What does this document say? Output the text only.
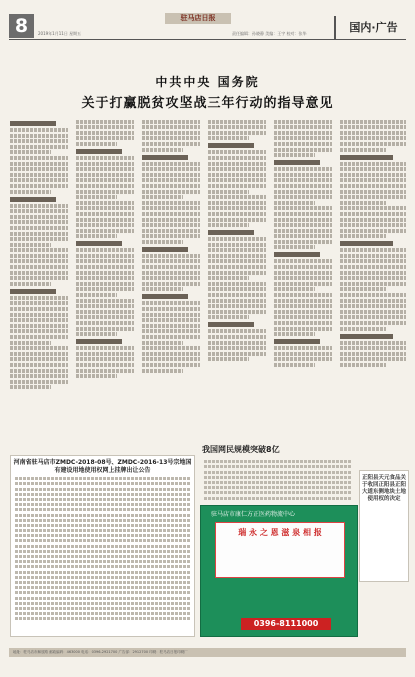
8	驻马店日报
2019年1月11日 星期五	责任编辑：孙晓静 美编：王宇 校对：张华	国内·广告
中共中央 国务院
关于打赢脱贫攻坚战三年行动的指导意见
河南省驻马店市ZMDC-2018-08号、ZMDC-2016-13号宗地国有建设用地使用权网上挂牌出让公告
我国网民规模突破8亿
驻马店市康仁方正医药物流中心
瑞 永 之 恩 滋 泉 相 报
0396-8111000
正阳县天元食品关于收回正阳县正阳大道东侧地块土地使用权的决定
地址：驻马店市解放路 邮政编码：463000 电话：0396-2921700 广告部：2912700 印刷：驻马店日报印刷厂
